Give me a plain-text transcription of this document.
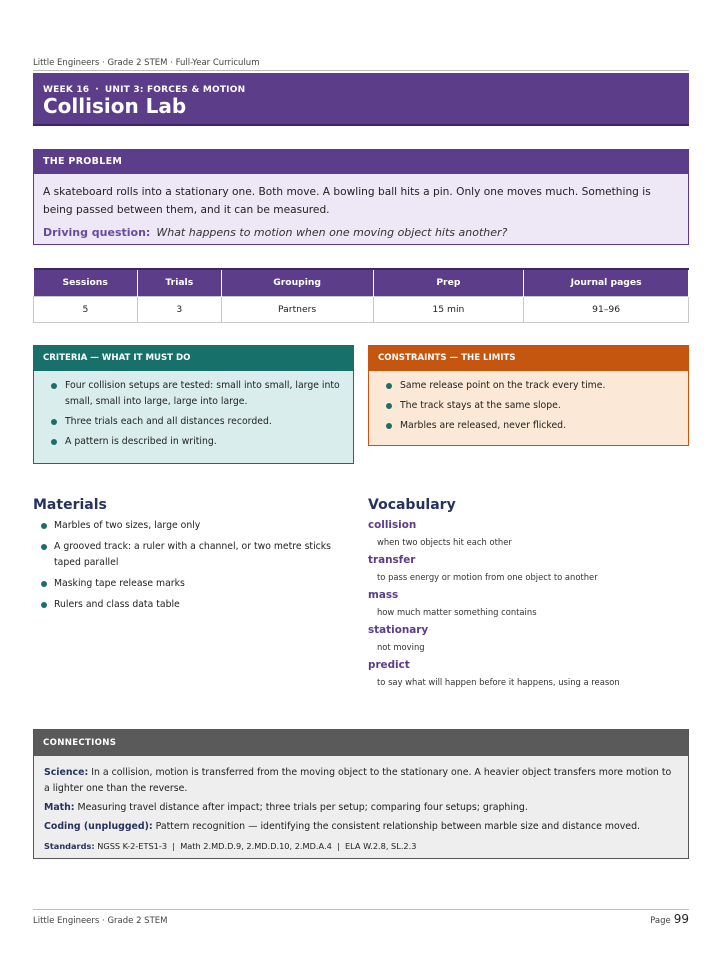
Little Engineers · Grade 2 STEM · Full-Year Curriculum
WEEK 16 · UNIT 3: FORCES & MOTION
Collision Lab
THE PROBLEM
A skateboard rolls into a stationary one. Both move. A bowling ball hits a pin. Only one moves much. Something is being passed between them, and it can be measured.
Driving question: What happens to motion when one moving object hits another?
Sessions	Trials	Grouping	Prep	Journal pages
5	3	Partners	15 min	91–96
CRITERIA — WHAT IT MUST DO
Four collision setups are tested: small into small, large into small, small into large, large into large.
Three trials each and all distances recorded.
A pattern is described in writing.
CONSTRAINTS — THE LIMITS
Same release point on the track every time.
The track stays at the same slope.
Marbles are released, never flicked.
Materials
Marbles of two sizes, large only
A grooved track: a ruler with a channel, or two metre sticks taped parallel
Masking tape release marks
Rulers and class data table
Vocabulary
collision
when two objects hit each other
transfer
to pass energy or motion from one object to another
mass
how much matter something contains
stationary
not moving
predict
to say what will happen before it happens, using a reason
CONNECTIONS

Science: In a collision, motion is transferred from the moving object to the stationary one. A heavier object transfers more motion to a lighter one than the reverse.

Math: Measuring travel distance after impact; three trials per setup; comparing four setups; graphing.

Coding (unplugged): Pattern recognition — identifying the consistent relationship between marble size and distance moved.

Standards: NGSS K-2-ETS1-3  |  Math 2.MD.D.9, 2.MD.D.10, 2.MD.A.4  |  ELA W.2.8, SL.2.3

Little Engineers · Grade 2 STEM	Page 99
